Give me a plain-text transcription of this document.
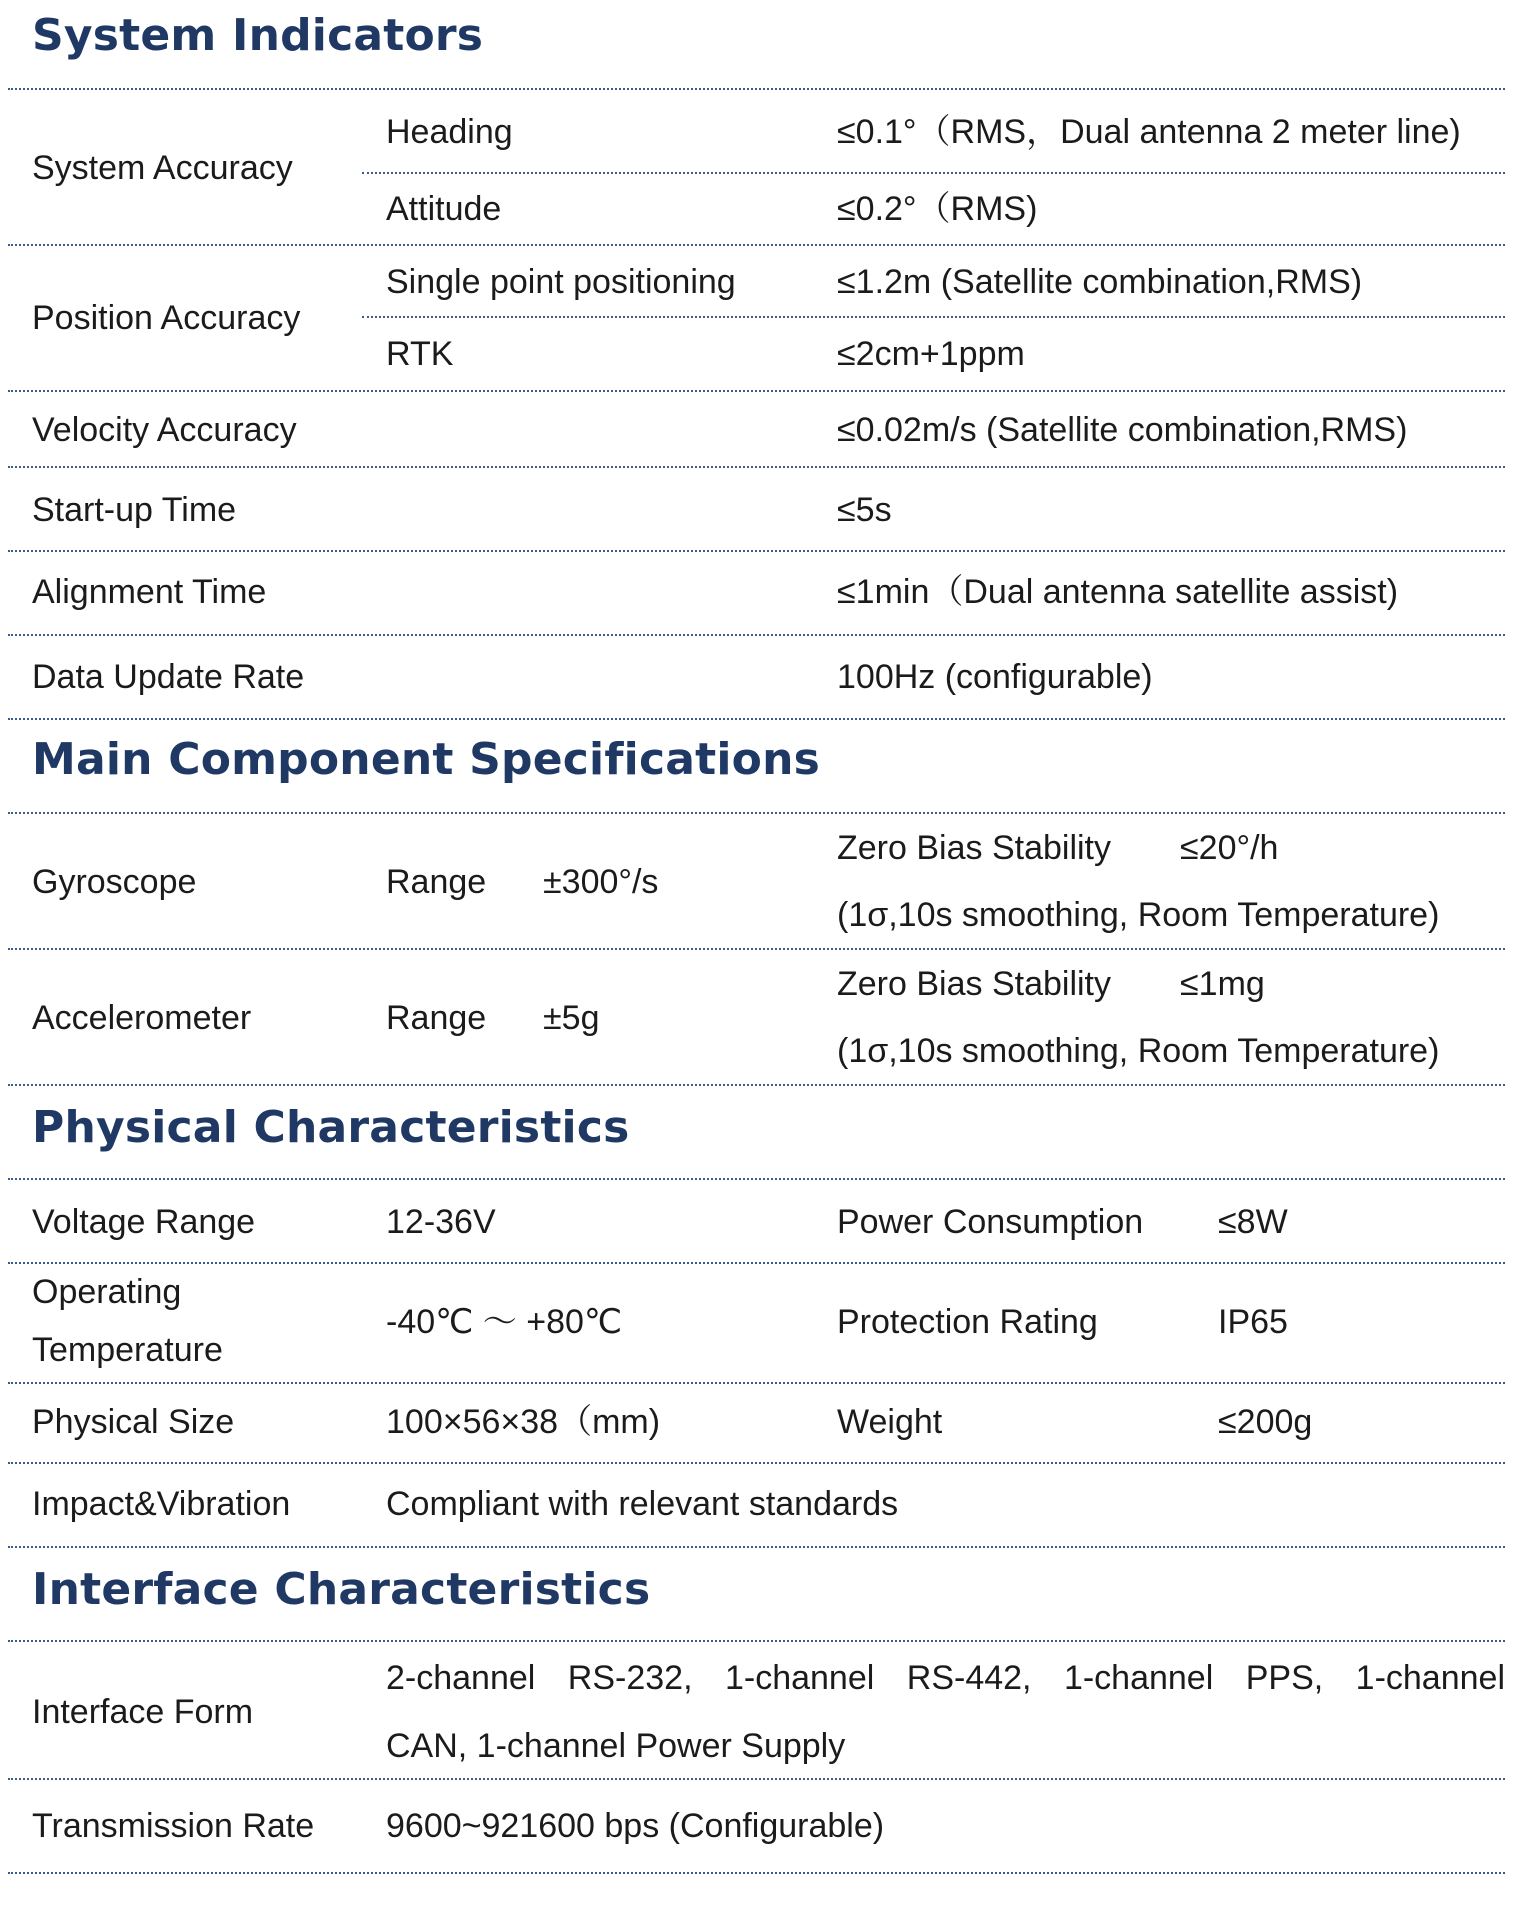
System Indicators
System Accuracy
Heading	≤0.1°（RMS，Dual antenna 2 meter line)
Attitude	≤0.2°（RMS)
Position Accuracy
Single point positioning	≤1.2m (Satellite combination,RMS)
RTK	≤2cm+1ppm
Velocity Accuracy	≤0.02m/s (Satellite combination,RMS)
Start-up Time	≤5s
Alignment Time	≤1min（Dual antenna satellite assist)
Data Update Rate	100Hz (configurable)
Main Component Specifications
Gyroscope	Range ±300°/s
Zero Bias Stability ≤20°/h
(1σ,10s smoothing, Room Temperature)
Accelerometer	Range ±5g
Zero Bias Stability ≤1mg
(1σ,10s smoothing, Room Temperature)
Physical Characteristics
Voltage Range	12-36V	Power Consumption ≤8W
Operating
Temperature
-40℃ ～ +80℃	Protection Rating	IP65
Physical Size	100×56×38（mm)	Weight	≤200g
Impact&Vibration	Compliant with relevant standards
Interface Characteristics
Interface Form
2-channel RS-232, 1-channel RS-442, 1-channel PPS, 1-channel
CAN, 1-channel Power Supply
Transmission Rate 9600~921600 bps (Configurable)
